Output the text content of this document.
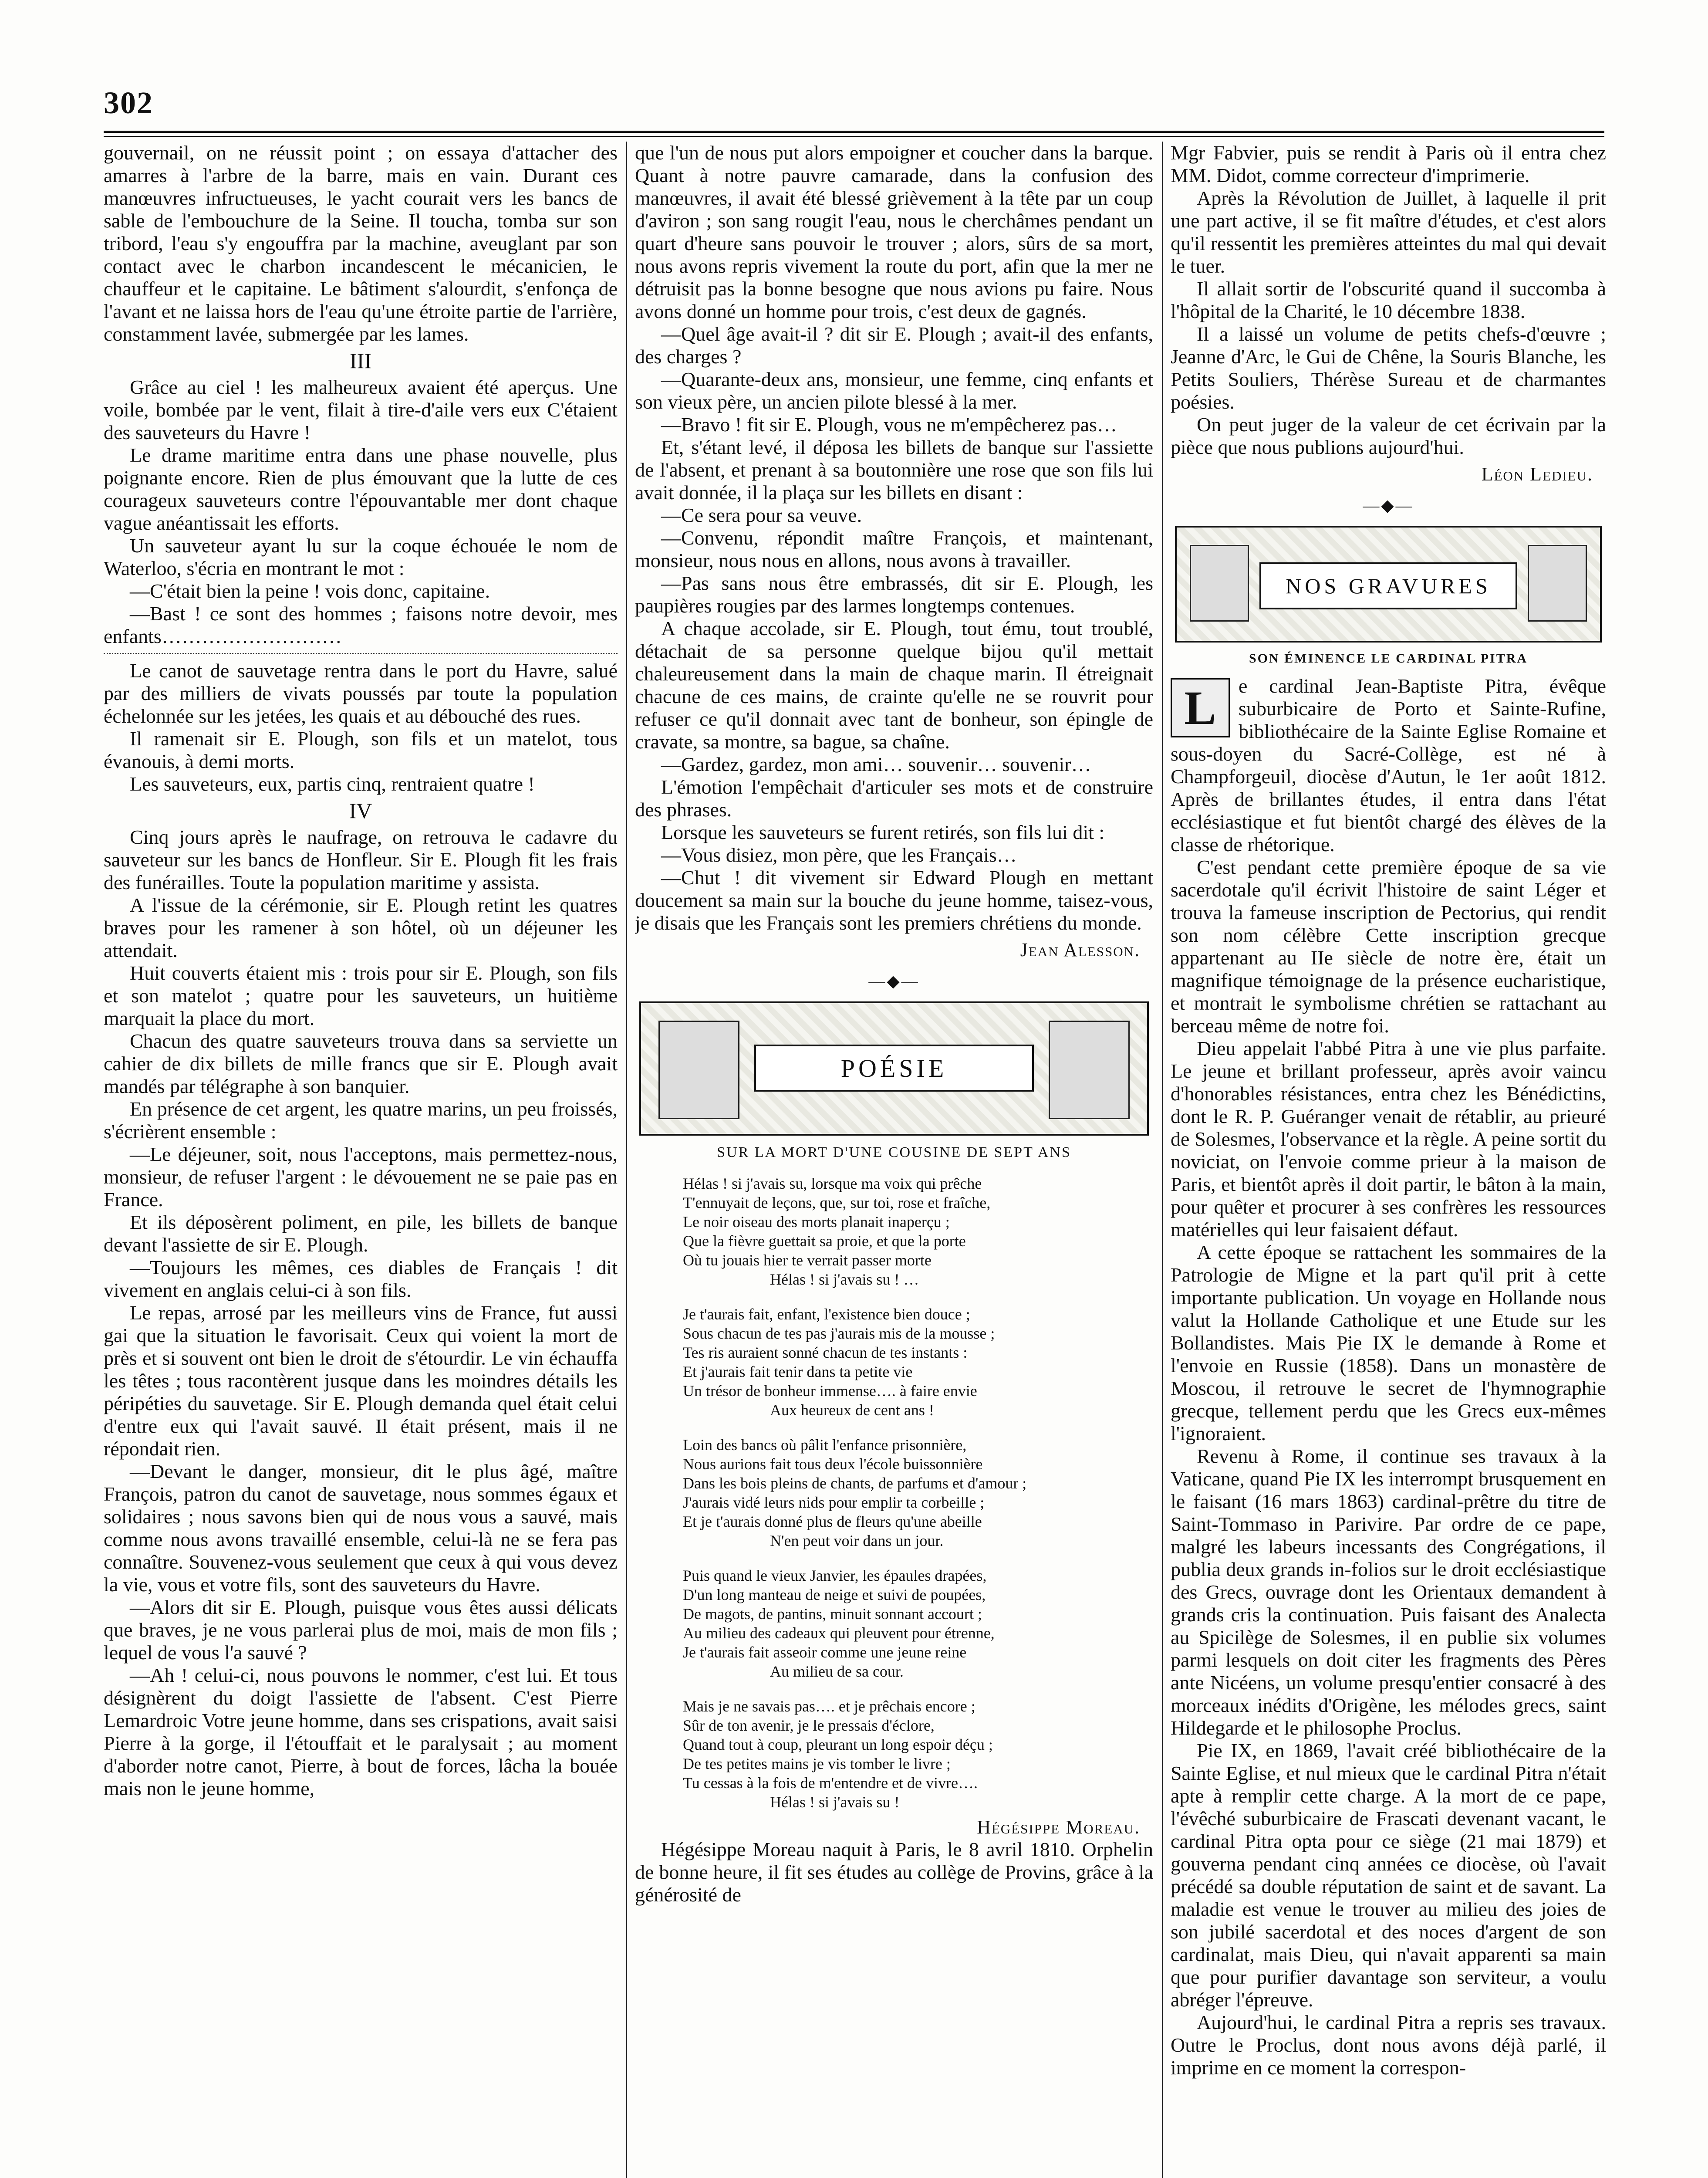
302

gouvernail, on ne réussit point ; on essaya d'attacher des amarres à l'arbre de la barre, mais en vain. Durant ces manœuvres infructueuses, le yacht courait vers les bancs de sable de l'embouchure de la Seine. Il toucha, tomba sur son tribord, l'eau s'y engouffra par la machine, aveuglant par son contact avec le charbon incandescent le mécanicien, le chauffeur et le capitaine. Le bâtiment s'alourdit, s'enfonça de l'avant et ne laissa hors de l'eau qu'une étroite partie de l'arrière, constamment lavée, submergée par les lames.

III

Grâce au ciel ! les malheureux avaient été aperçus. Une voile, bombée par le vent, filait à tire-d'aile vers eux C'étaient des sauveteurs du Havre !

Le drame maritime entra dans une phase nouvelle, plus poignante encore. Rien de plus émouvant que la lutte de ces courageux sauveteurs contre l'épouvantable mer dont chaque vague anéantissait les efforts.

Un sauveteur ayant lu sur la coque échouée le nom de Waterloo, s'écria en montrant le mot :

—C'était bien la peine ! vois donc, capitaine.

—Bast ! ce sont des hommes ; faisons notre devoir, mes enfants………………………

Le canot de sauvetage rentra dans le port du Havre, salué par des milliers de vivats poussés par toute la population échelonnée sur les jetées, les quais et au débouché des rues.

Il ramenait sir E. Plough, son fils et un matelot, tous évanouis, à demi morts.

Les sauveteurs, eux, partis cinq, rentraient quatre !

IV

Cinq jours après le naufrage, on retrouva le cadavre du sauveteur sur les bancs de Honfleur. Sir E. Plough fit les frais des funérailles. Toute la population maritime y assista.

A l'issue de la cérémonie, sir E. Plough retint les quatres braves pour les ramener à son hôtel, où un déjeuner les attendait.

Huit couverts étaient mis : trois pour sir E. Plough, son fils et son matelot ; quatre pour les sauveteurs, un huitième marquait la place du mort.

Chacun des quatre sauveteurs trouva dans sa serviette un cahier de dix billets de mille francs que sir E. Plough avait mandés par télégraphe à son banquier.

En présence de cet argent, les quatre marins, un peu froissés, s'écrièrent ensemble :

—Le déjeuner, soit, nous l'acceptons, mais permettez-nous, monsieur, de refuser l'argent : le dévouement ne se paie pas en France.

Et ils déposèrent poliment, en pile, les billets de banque devant l'assiette de sir E. Plough.

—Toujours les mêmes, ces diables de Français ! dit vivement en anglais celui-ci à son fils.

Le repas, arrosé par les meilleurs vins de France, fut aussi gai que la situation le favorisait. Ceux qui voient la mort de près et si souvent ont bien le droit de s'étourdir. Le vin échauffa les têtes ; tous racontèrent jusque dans les moindres détails les péripéties du sauvetage. Sir E. Plough demanda quel était celui d'entre eux qui l'avait sauvé. Il était présent, mais il ne répondait rien.

—Devant le danger, monsieur, dit le plus âgé, maître François, patron du canot de sauvetage, nous sommes égaux et solidaires ; nous savons bien qui de nous vous a sauvé, mais comme nous avons travaillé ensemble, celui-là ne se fera pas connaître. Souvenez-vous seulement que ceux à qui vous devez la vie, vous et votre fils, sont des sauveteurs du Havre.

—Alors dit sir E. Plough, puisque vous êtes aussi délicats que braves, je ne vous parlerai plus de moi, mais de mon fils ; lequel de vous l'a sauvé ?

—Ah ! celui-ci, nous pouvons le nommer, c'est lui. Et tous désignèrent du doigt l'assiette de l'absent. C'est Pierre Lemardroic Votre jeune homme, dans ses crispations, avait saisi Pierre à la gorge, il l'étouffait et le paralysait ; au moment d'aborder notre canot, Pierre, à bout de forces, lâcha la bouée mais non le jeune homme,

que l'un de nous put alors empoigner et coucher dans la barque. Quant à notre pauvre camarade, dans la confusion des manœuvres, il avait été blessé grièvement à la tête par un coup d'aviron ; son sang rougit l'eau, nous le cherchâmes pendant un quart d'heure sans pouvoir le trouver ; alors, sûrs de sa mort, nous avons repris vivement la route du port, afin que la mer ne détruisit pas la bonne besogne que nous avions pu faire. Nous avons donné un homme pour trois, c'est deux de gagnés.

—Quel âge avait-il ? dit sir E. Plough ; avait-il des enfants, des charges ?

—Quarante-deux ans, monsieur, une femme, cinq enfants et son vieux père, un ancien pilote blessé à la mer.

—Bravo ! fit sir E. Plough, vous ne m'empêcherez pas…

Et, s'étant levé, il déposa les billets de banque sur l'assiette de l'absent, et prenant à sa boutonnière une rose que son fils lui avait donnée, il la plaça sur les billets en disant :

—Ce sera pour sa veuve.

—Convenu, répondit maître François, et maintenant, monsieur, nous nous en allons, nous avons à travailler.

—Pas sans nous être embrassés, dit sir E. Plough, les paupières rougies par des larmes longtemps contenues.

A chaque accolade, sir E. Plough, tout ému, tout troublé, détachait de sa personne quelque bijou qu'il mettait chaleureusement dans la main de chaque marin. Il étreignait chacune de ces mains, de crainte qu'elle ne se rouvrit pour refuser ce qu'il donnait avec tant de bonheur, son épingle de cravate, sa montre, sa bague, sa chaîne.

—Gardez, gardez, mon ami… souvenir… souvenir…

L'émotion l'empêchait d'articuler ses mots et de construire des phrases.

Lorsque les sauveteurs se furent retirés, son fils lui dit :

—Vous disiez, mon père, que les Français…

—Chut ! dit vivement sir Edward Plough en mettant doucement sa main sur la bouche du jeune homme, taisez-vous, je disais que les Français sont les premiers chrétiens du monde.

Jean Alesson.
—◆—
POÉSIE
SUR LA MORT D'UNE COUSINE DE SEPT ANS
Hélas ! si j'avais su, lorsque ma voix qui prêche
T'ennuyait de leçons, que, sur toi, rose et fraîche,
Le noir oiseau des morts planait inaperçu ;
Que la fièvre guettait sa proie, et que la porte
Où tu jouais hier te verrait passer morte
Hélas ! si j'avais su ! …
Je t'aurais fait, enfant, l'existence bien douce ;
Sous chacun de tes pas j'aurais mis de la mousse ;
Tes ris auraient sonné chacun de tes instants :
Et j'aurais fait tenir dans ta petite vie
Un trésor de bonheur immense…. à faire envie
Aux heureux de cent ans !
Loin des bancs où pâlit l'enfance prisonnière,
Nous aurions fait tous deux l'école buissonnière
Dans les bois pleins de chants, de parfums et d'amour ;
J'aurais vidé leurs nids pour emplir ta corbeille ;
Et je t'aurais donné plus de fleurs qu'une abeille
N'en peut voir dans un jour.
Puis quand le vieux Janvier, les épaules drapées,
D'un long manteau de neige et suivi de poupées,
De magots, de pantins, minuit sonnant accourt ;
Au milieu des cadeaux qui pleuvent pour étrenne,
Je t'aurais fait asseoir comme une jeune reine
Au milieu de sa cour.
Mais je ne savais pas…. et je prêchais encore ;
Sûr de ton avenir, je le pressais d'éclore,
Quand tout à coup, pleurant un long espoir déçu ;
De tes petites mains je vis tomber le livre ;
Tu cessas à la fois de m'entendre et de vivre….
Hélas ! si j'avais su !
Hégésippe Moreau.

Hégésippe Moreau naquit à Paris, le 8 avril 1810. Orphelin de bonne heure, il fit ses études au collège de Provins, grâce à la générosité de

Mgr Fabvier, puis se rendit à Paris où il entra chez MM. Didot, comme correcteur d'imprimerie.

Après la Révolution de Juillet, à laquelle il prit une part active, il se fit maître d'études, et c'est alors qu'il ressentit les premières atteintes du mal qui devait le tuer.

Il allait sortir de l'obscurité quand il succomba à l'hôpital de la Charité, le 10 décembre 1838.

Il a laissé un volume de petits chefs-d'œuvre ; Jeanne d'Arc, le Gui de Chêne, la Souris Blanche, les Petits Souliers, Thérèse Sureau et de charmantes poésies.

On peut juger de la valeur de cet écrivain par la pièce que nous publions aujourd'hui.

Léon Ledieu.
—◆—
NOS GRAVURES
SON ÉMINENCE LE CARDINAL PITRA

L	e cardinal Jean-Baptiste Pitra, évêque suburbicaire de Porto et Sainte-Rufine, bibliothécaire de la Sainte Eglise Romaine et sous-doyen du Sacré-Collège, est né à Champforgeuil, diocèse d'Autun, le 1er août 1812. Après de brillantes études, il entra dans l'état ecclésiastique et fut bientôt chargé des élèves de la classe de rhétorique.

C'est pendant cette première époque de sa vie sacerdotale qu'il écrivit l'histoire de saint Léger et trouva la fameuse inscription de Pectorius, qui rendit son nom célèbre Cette inscription grecque appartenant au IIe siècle de notre ère, était un magnifique témoignage de la présence eucharistique, et montrait le symbolisme chrétien se rattachant au berceau même de notre foi.

Dieu appelait l'abbé Pitra à une vie plus parfaite. Le jeune et brillant professeur, après avoir vaincu d'honorables résistances, entra chez les Bénédictins, dont le R. P. Guéranger venait de rétablir, au prieuré de Solesmes, l'observance et la règle. A peine sortit du noviciat, on l'envoie comme prieur à la maison de Paris, et bientôt après il doit partir, le bâton à la main, pour quêter et procurer à ses confrères les ressources matérielles qui leur faisaient défaut.

A cette époque se rattachent les sommaires de la Patrologie de Migne et la part qu'il prit à cette importante publication. Un voyage en Hollande nous valut la Hollande Catholique et une Etude sur les Bollandistes. Mais Pie IX le demande à Rome et l'envoie en Russie (1858). Dans un monastère de Moscou, il retrouve le secret de l'hymnographie grecque, tellement perdu que les Grecs eux-mêmes l'ignoraient.

Revenu à Rome, il continue ses travaux à la Vaticane, quand Pie IX les interrompt brusquement en le faisant (16 mars 1863) cardinal-prêtre du titre de Saint-Tommaso in Parivire. Par ordre de ce pape, malgré les labeurs incessants des Congrégations, il publia deux grands in-folios sur le droit ecclésiastique des Grecs, ouvrage dont les Orientaux demandent à grands cris la continuation. Puis faisant des Analecta au Spicilège de Solesmes, il en publie six volumes parmi lesquels on doit citer les fragments des Pères ante Nicéens, un volume presqu'entier consacré à des morceaux inédits d'Origène, les mélodes grecs, saint Hildegarde et le philosophe Proclus.

Pie IX, en 1869, l'avait créé bibliothécaire de la Sainte Eglise, et nul mieux que le cardinal Pitra n'était apte à remplir cette charge. A la mort de ce pape, l'évêché suburbicaire de Frascati devenant vacant, le cardinal Pitra opta pour ce siège (21 mai 1879) et gouverna pendant cinq années ce diocèse, où l'avait précédé sa double réputation de saint et de savant. La maladie est venue le trouver au milieu des joies de son jubilé sacerdotal et des noces d'argent de son cardinalat, mais Dieu, qui n'avait apparenti sa main que pour purifier davantage son serviteur, a voulu abréger l'épreuve.

Aujourd'hui, le cardinal Pitra a repris ses travaux. Outre le Proclus, dont nous avons déjà parlé, il imprime en ce moment la correspon-
